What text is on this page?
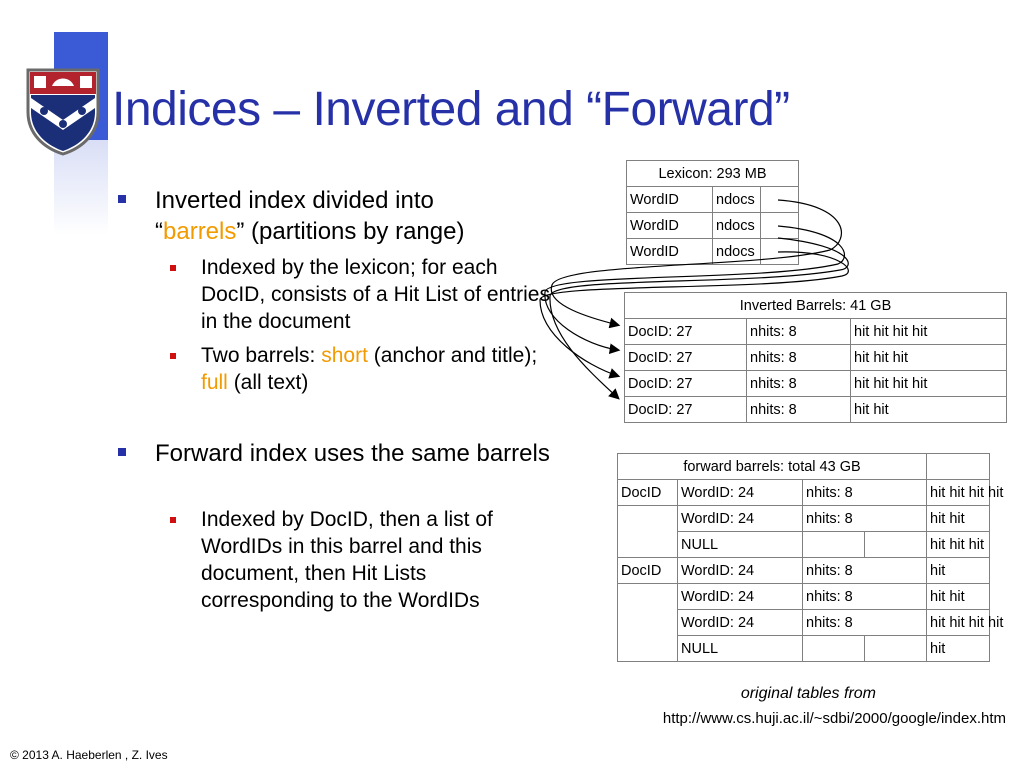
Indices – Inverted and “Forward”
Inverted index divided into
“barrels” (partitions by range)
Indexed by the lexicon; for each DocID, consists of a Hit List of entries in the document
Two barrels: short (anchor and title); full (all text)
Forward index uses the same barrels
Indexed by DocID, then a list of WordIDs in this barrel and this document, then Hit Lists corresponding to the WordIDs
Lexicon: 293 MB		
WordID	ndocs	
WordID	ndocs	
WordID	ndocs	
Inverted Barrels: 41 GB		
DocID: 27	nhits: 8	hit hit hit hit
DocID: 27	nhits: 8	hit hit hit
DocID: 27	nhits: 8	hit hit hit hit
DocID: 27	nhits: 8	hit hit
forward barrels: total 43 GB				
DocID	WordID: 24	nhits: 8		hit hit hit hit
	WordID: 24	nhits: 8		hit hit
	NULL			hit hit hit
DocID	WordID: 24	nhits: 8		hit
	WordID: 24	nhits: 8		hit hit
	WordID: 24	nhits: 8		hit hit hit hit
	NULL			hit
original tables from
http://www.cs.huji.ac.il/~sdbi/2000/google/index.htm
© 2013 A. Haeberlen , Z. Ives
